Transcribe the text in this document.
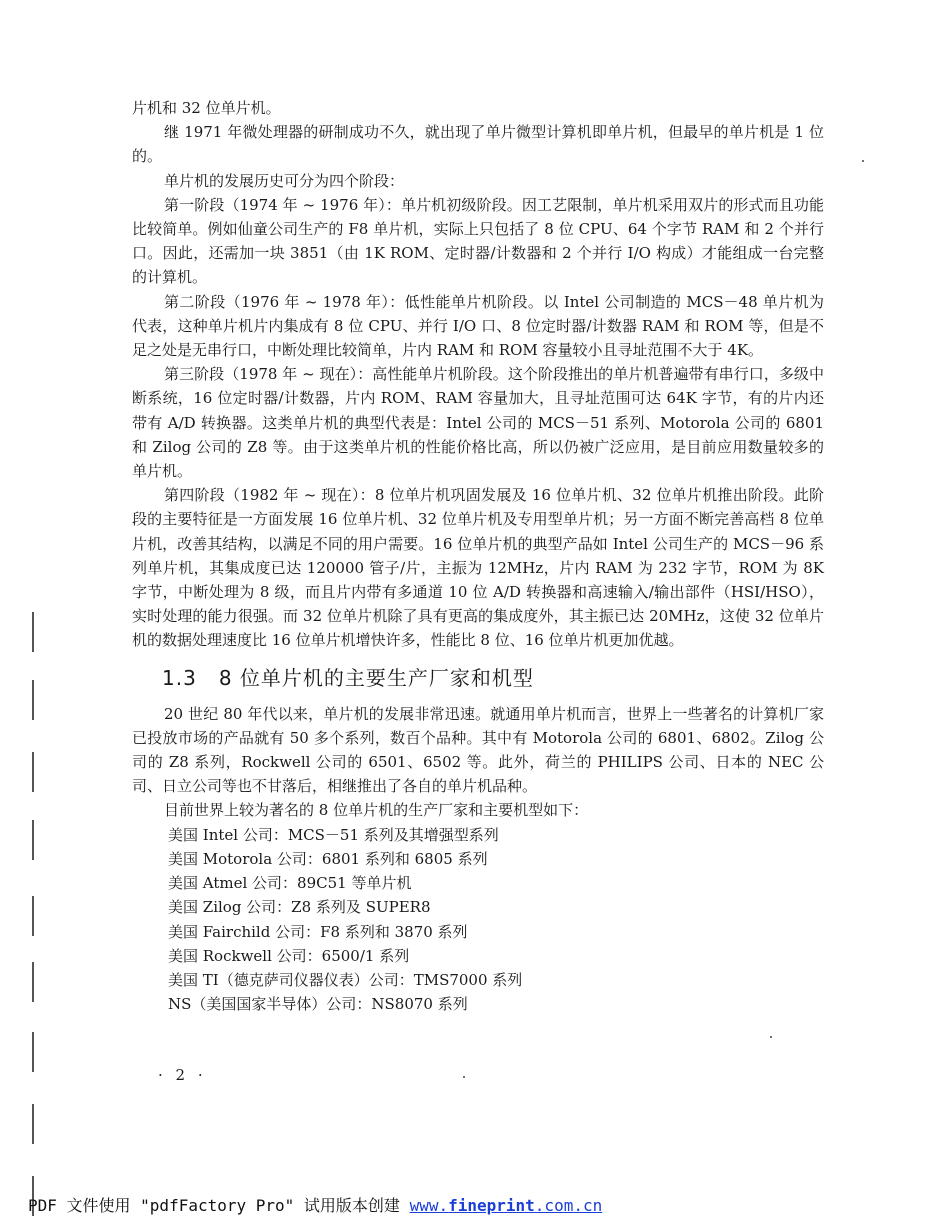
片机和 32 位单片机。

继 1971 年微处理器的研制成功不久，就出现了单片微型计算机即单片机，但最早的单片机是 1 位的。

单片机的发展历史可分为四个阶段：

第一阶段（1974 年 ~ 1976 年）：单片机初级阶段。因工艺限制，单片机采用双片的形式而且功能比较简单。例如仙童公司生产的 F8 单片机，实际上只包括了 8 位 CPU、64 个字节 RAM 和 2 个并行口。因此，还需加一块 3851（由 1K ROM、定时器/计数器和 2 个并行 I/O 构成）才能组成一台完整的计算机。

第二阶段（1976 年 ~ 1978 年）：低性能单片机阶段。以 Intel 公司制造的 MCS－48 单片机为代表，这种单片机片内集成有 8 位 CPU、并行 I/O 口、8 位定时器/计数器 RAM 和 ROM 等，但是不足之处是无串行口，中断处理比较简单，片内 RAM 和 ROM 容量较小且寻址范围不大于 4K。

第三阶段（1978 年 ~ 现在）：高性能单片机阶段。这个阶段推出的单片机普遍带有串行口，多级中断系统，16 位定时器/计数器，片内 ROM、RAM 容量加大，且寻址范围可达 64K 字节，有的片内还带有 A/D 转换器。这类单片机的典型代表是：Intel 公司的 MCS－51 系列、Motorola 公司的 6801 和 Zilog 公司的 Z8 等。由于这类单片机的性能价格比高，所以仍被广泛应用，是目前应用数量较多的单片机。

第四阶段（1982 年 ~ 现在）：8 位单片机巩固发展及 16 位单片机、32 位单片机推出阶段。此阶段的主要特征是一方面发展 16 位单片机、32 位单片机及专用型单片机；另一方面不断完善高档 8 位单片机，改善其结构，以满足不同的用户需要。16 位单片机的典型产品如 Intel 公司生产的 MCS－96 系列单片机，其集成度已达 120000 管子/片，主振为 12MHz，片内 RAM 为 232 字节，ROM 为 8K 字节，中断处理为 8 级，而且片内带有多通道 10 位 A/D 转换器和高速输入/输出部件（HSI/HSO），实时处理的能力很强。而 32 位单片机除了具有更高的集成度外，其主振已达 20MHz，这使 32 位单片机的数据处理速度比 16 位单片机增快许多，性能比 8 位、16 位单片机更加优越。

1.3 8 位单片机的主要生产厂家和机型

20 世纪 80 年代以来，单片机的发展非常迅速。就通用单片机而言，世界上一些著名的计算机厂家已投放市场的产品就有 50 多个系列，数百个品种。其中有 Motorola 公司的 6801、6802。Zilog 公司的 Z8 系列，Rockwell 公司的 6501、6502 等。此外，荷兰的 PHILIPS 公司、日本的 NEC 公司、日立公司等也不甘落后，相继推出了各自的单片机品种。

目前世界上较为著名的 8 位单片机的生产厂家和主要机型如下：

美国 Intel 公司：MCS－51 系列及其增强型系列

美国 Motorola 公司：6801 系列和 6805 系列

美国 Atmel 公司：89C51 等单片机

美国 Zilog 公司：Z8 系列及 SUPER8

美国 Fairchild 公司：F8 系列和 3870 系列

美国 Rockwell 公司：6500/1 系列

美国 TI（德克萨司仪器仪表）公司：TMS7000 系列

NS（美国国家半导体）公司：NS8070 系列

· 2 ·
PDF 文件使用 "pdfFactory Pro" 试用版本创建 www.fineprint.com.cn
